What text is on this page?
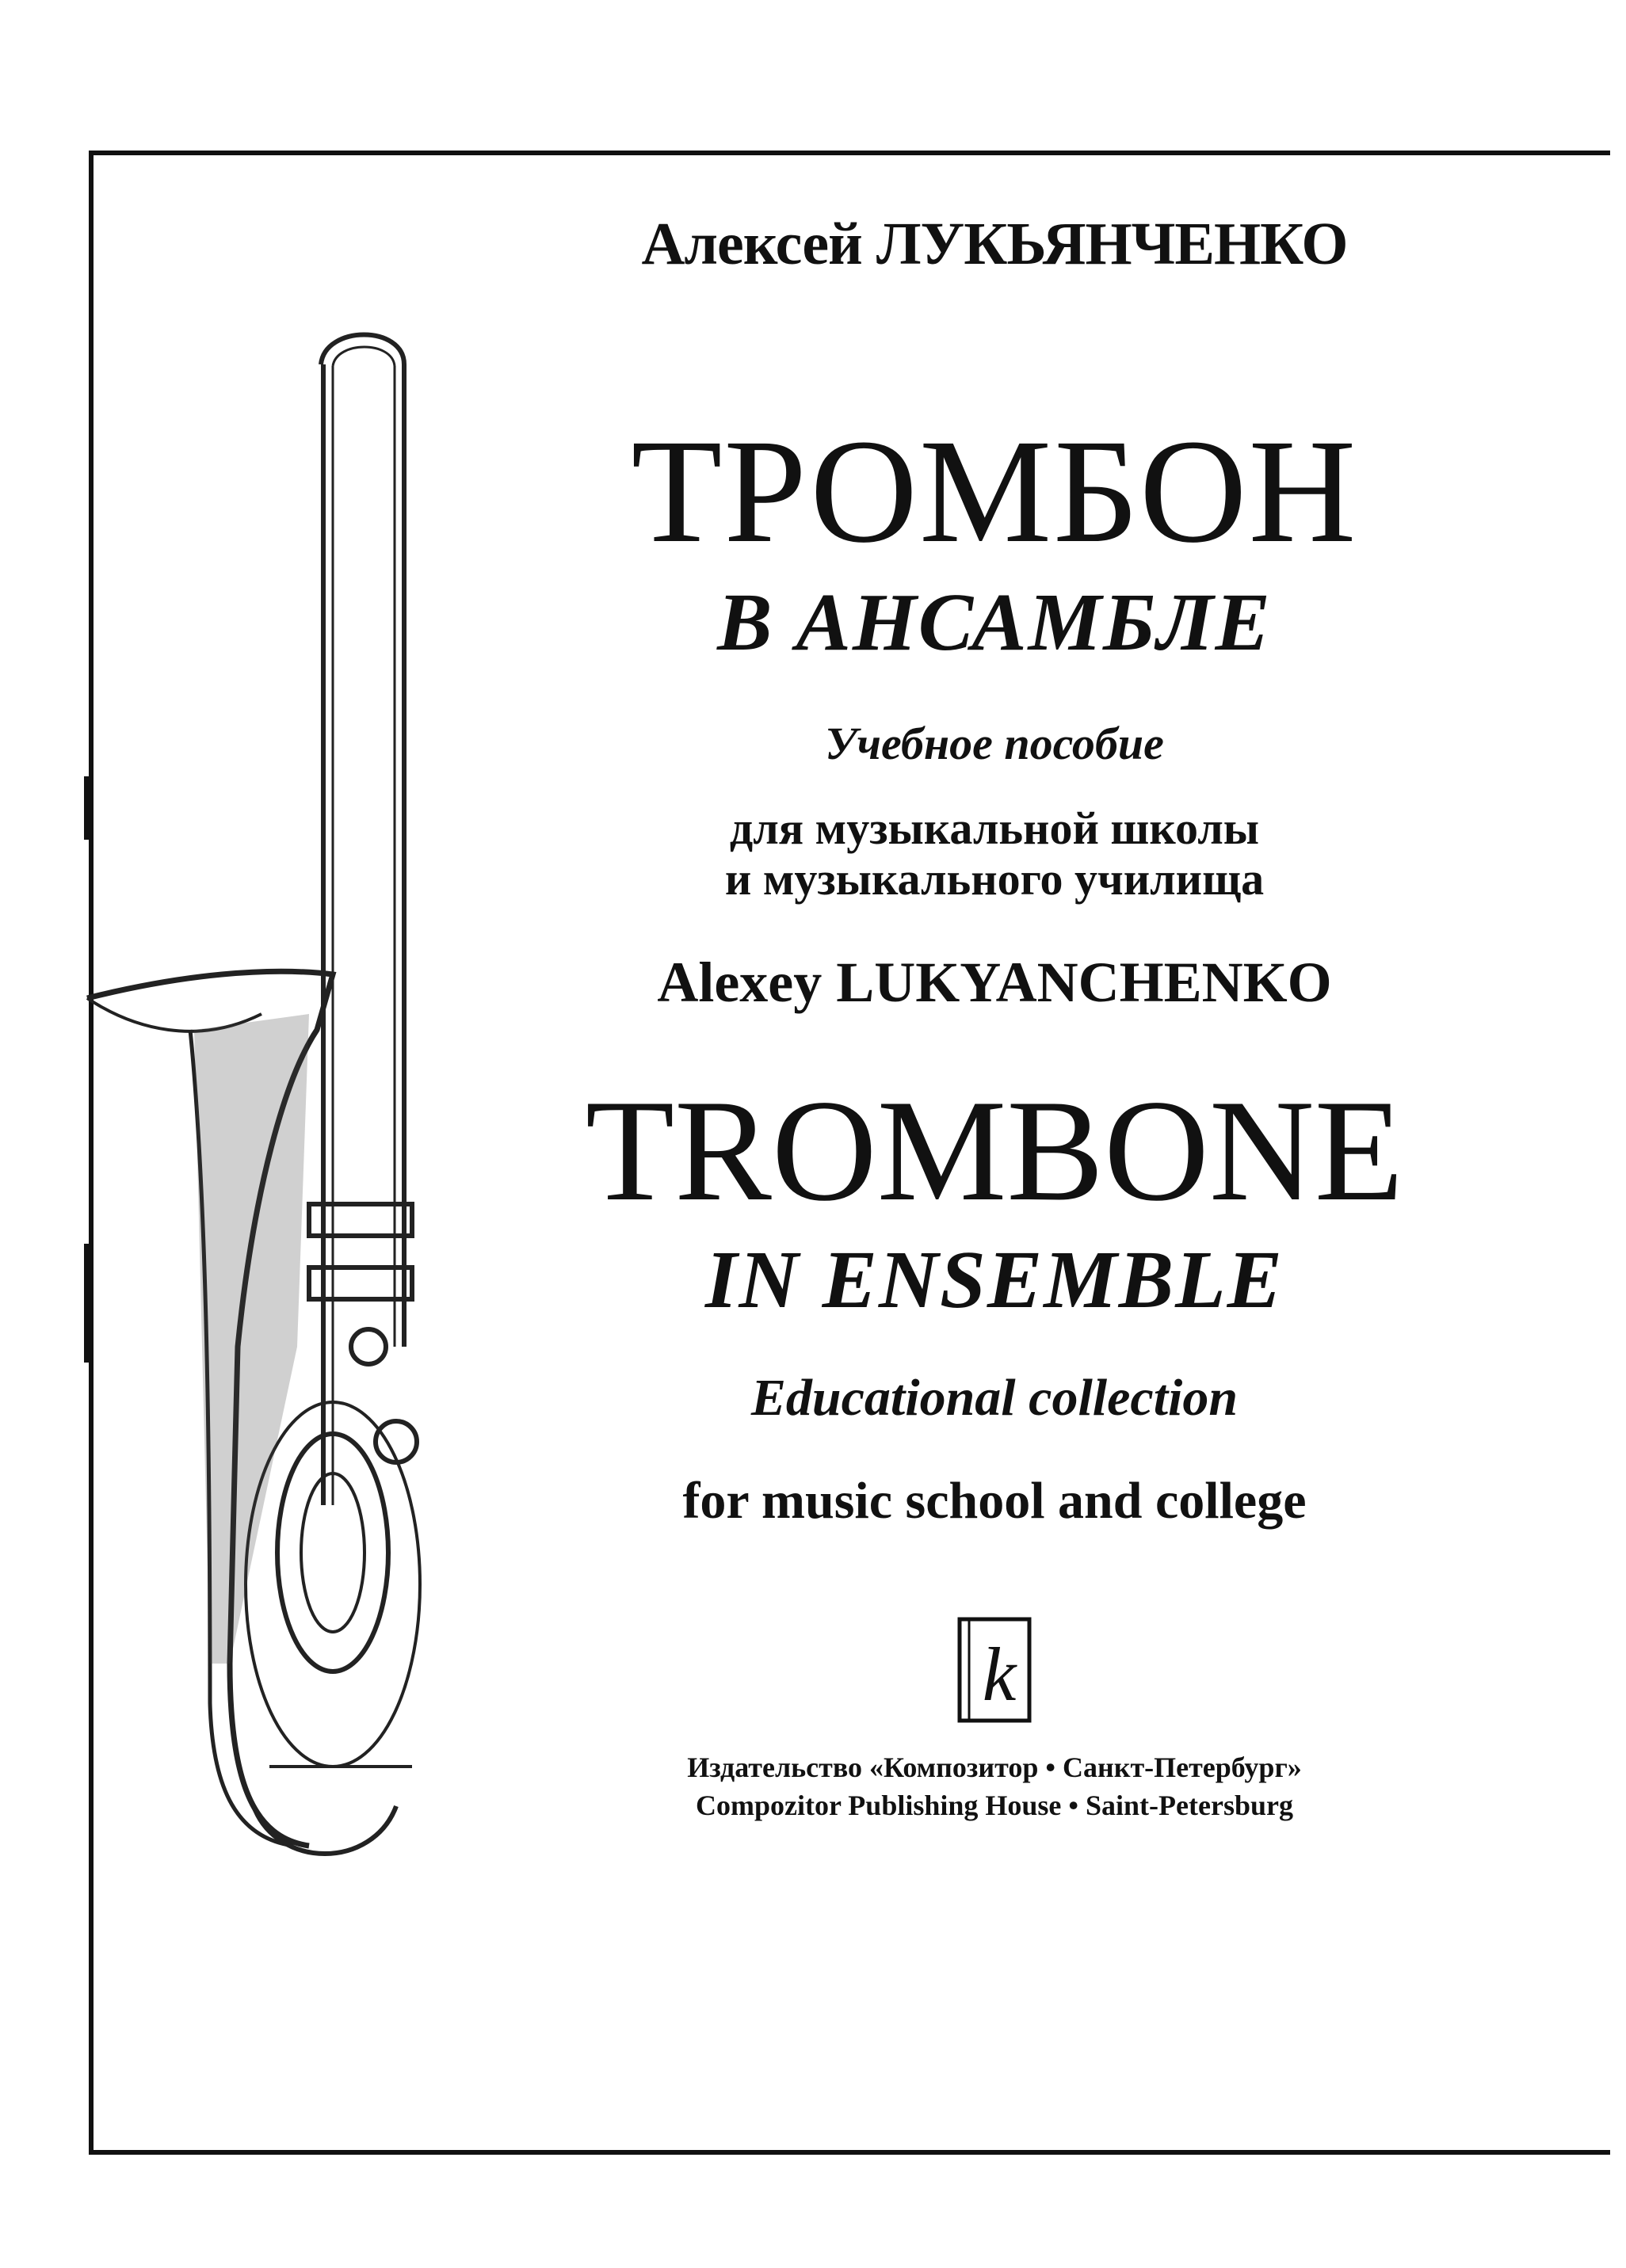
Алексей ЛУКЬЯНЧЕНКО
ТРОМБОН
В АНСАМБЛЕ
Учебное пособие
для музыкальной школы
и музыкального училища
Alexey LUKYANCHENKO
TROMBONE
IN ENSEMBLE
Educational collection
for music school and college
k
Издательство «Композитор • Санкт-Петербург»
Compozitor Publishing House • Saint-Petersburg
